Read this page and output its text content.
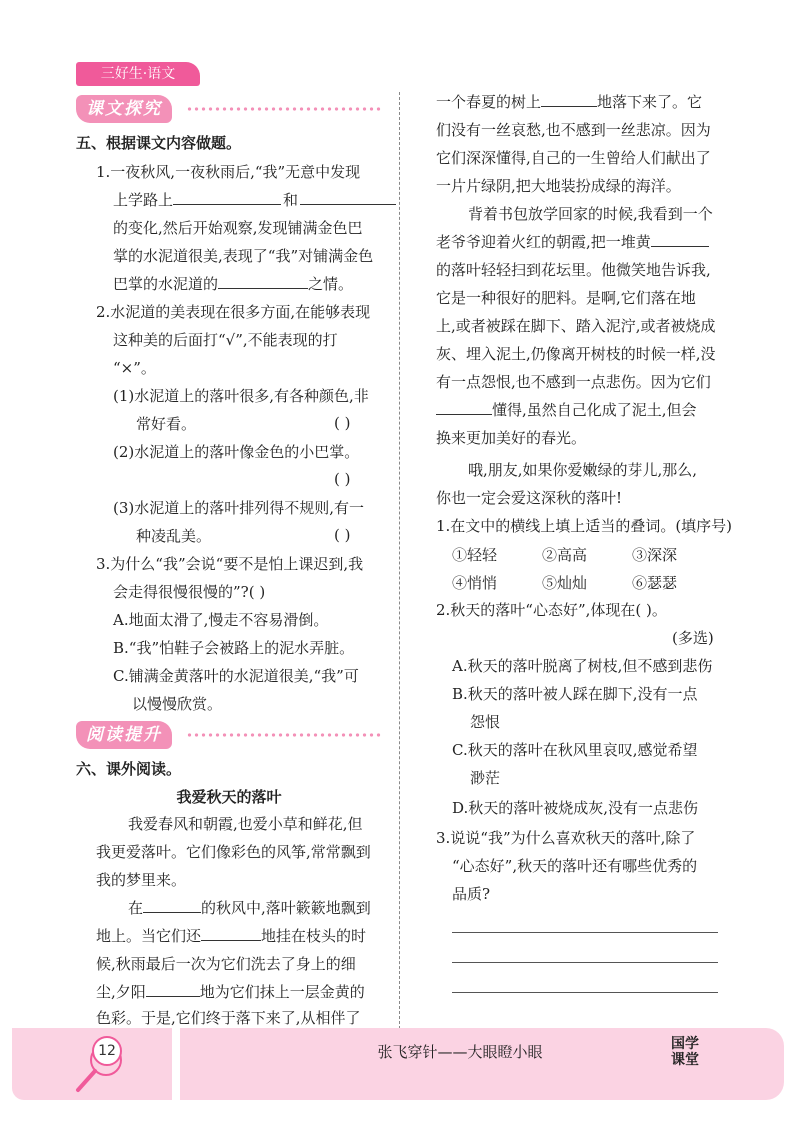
三好生·语文
课文探究
五、根据课文内容做题。
1.一夜秋风,一夜秋雨后,“我”无意中发现
上学路上	和
的变化,然后开始观察,发现铺满金色巴
掌的水泥道很美,表现了“我”对铺满金色
巴掌的水泥道的	之情。
2.水泥道的美表现在很多方面,在能够表现
这种美的后面打“√”,不能表现的打
“×”。
(1)水泥道上的落叶很多,有各种颜色,非
常好看。	( )
(2)水泥道上的落叶像金色的小巴掌。
( )
(3)水泥道上的落叶排列得不规则,有一
种凌乱美。	( )
3.为什么“我”会说“要不是怕上课迟到,我
会走得很慢很慢的”?( )
A.地面太滑了,慢走不容易滑倒。
B.“我”怕鞋子会被路上的泥水弄脏。
C.铺满金黄落叶的水泥道很美,“我”可
以慢慢欣赏。
阅读提升
六、课外阅读。
我爱秋天的落叶
我爱春风和朝霞,也爱小草和鲜花,但
我更爱落叶。它们像彩色的风筝,常常飘到
我的梦里来。
在	的秋风中,落叶簌簌地飘到
地上。当它们还	地挂在枝头的时
候,秋雨最后一次为它们洗去了身上的细
尘,夕阳	地为它们抹上一层金黄的
色彩。于是,它们终于落下来了,从相伴了
一个春夏的树上	地落下来了。它
们没有一丝哀愁,也不感到一丝悲凉。因为
它们深深懂得,自己的一生曾给人们献出了
一片片绿阴,把大地装扮成绿的海洋。
背着书包放学回家的时候,我看到一个
老爷爷迎着火红的朝霞,把一堆黄
的落叶轻轻扫到花坛里。他微笑地告诉我,
它是一种很好的肥料。是啊,它们落在地
上,或者被踩在脚下、踏入泥泞,或者被烧成
灰、埋入泥土,仍像离开树枝的时候一样,没
有一点怨恨,也不感到一点悲伤。因为它们
懂得,虽然自己化成了泥土,但会
换来更加美好的春光。
哦,朋友,如果你爱嫩绿的芽儿,那么,
你也一定会爱这深秋的落叶!
1.在文中的横线上填上适当的叠词。(填序号)
①轻轻	②高高	③深深
④悄悄	⑤灿灿	⑥瑟瑟
2.秋天的落叶“心态好”,体现在( )。
(多选)
A.秋天的落叶脱离了树枝,但不感到悲伤
B.秋天的落叶被人踩在脚下,没有一点
怨恨
C.秋天的落叶在秋风里哀叹,感觉希望
渺茫
D.秋天的落叶被烧成灰,没有一点悲伤
3.说说“我”为什么喜欢秋天的落叶,除了
“心态好”,秋天的落叶还有哪些优秀的
品质?
12	张飞穿针——大眼瞪小眼	国学
课堂
